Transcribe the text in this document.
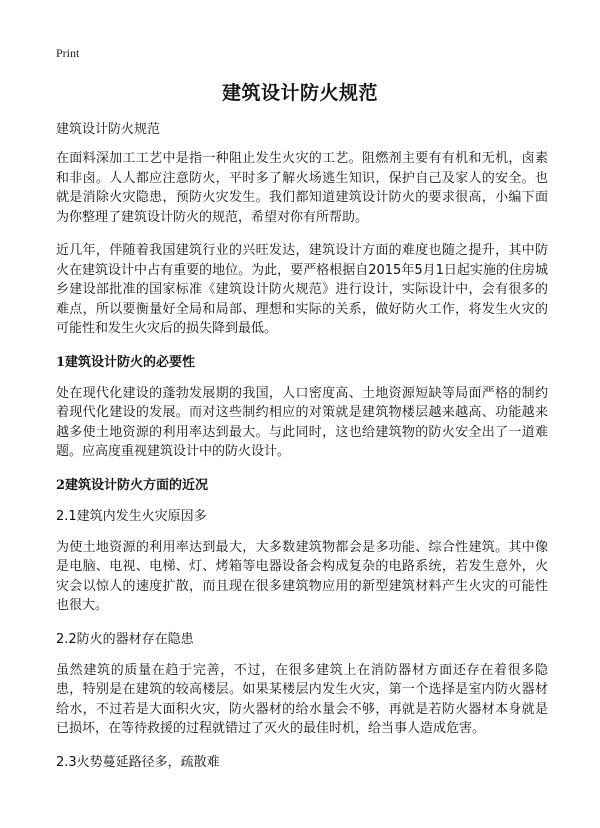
Print
建筑设计防火规范

建筑设计防火规范

在面料深加工工艺中是指一种阻止发生火灾的工艺。阻燃剂主要有有机和无机，卤素和非卤。人人都应注意防火，平时多了解火场逃生知识，保护自己及家人的安全。也就是消除火灾隐患，预防火灾发生。我们都知道建筑设计防火的要求很高，小编下面为你整理了建筑设计防火的规范，希望对你有所帮助。

近几年，伴随着我国建筑行业的兴旺发达，建筑设计方面的难度也随之提升，其中防火在建筑设计中占有重要的地位。为此，要严格根据自2015年5月1日起实施的住房城乡建设部批准的国家标准《建筑设计防火规范》进行设计，实际设计中，会有很多的难点，所以要衡量好全局和局部、理想和实际的关系，做好防火工作，将发生火灾的可能性和发生火灾后的损失降到最低。

1建筑设计防火的必要性

处在现代化建设的蓬勃发展期的我国，人口密度高、土地资源短缺等局面严格的制约着现代化建设的发展。而对这些制约相应的对策就是建筑物楼层越来越高、功能越来越多使土地资源的利用率达到最大。与此同时，这也给建筑物的防火安全出了一道难题。应高度重视建筑设计中的防火设计。

2建筑设计防火方面的近况

2.1建筑内发生火灾原因多

为使土地资源的利用率达到最大，大多数建筑物都会是多功能、综合性建筑。其中像是电脑、电视、电梯、灯、烤箱等电器设备会构成复杂的电路系统，若发生意外，火灾会以惊人的速度扩散，而且现在很多建筑物应用的新型建筑材料产生火灾的可能性也很大。

2.2防火的器材存在隐患

虽然建筑的质量在趋于完善，不过，在很多建筑上在消防器材方面还存在着很多隐患，特别是在建筑的较高楼层。如果某楼层内发生火灾，第一个选择是室内防火器材给水，不过若是大面积火灾，防火器材的给水量会不够，再就是若防火器材本身就是已损坏，在等待救援的过程就错过了灭火的最佳时机，给当事人造成危害。

2.3火势蔓延路径多，疏散难
